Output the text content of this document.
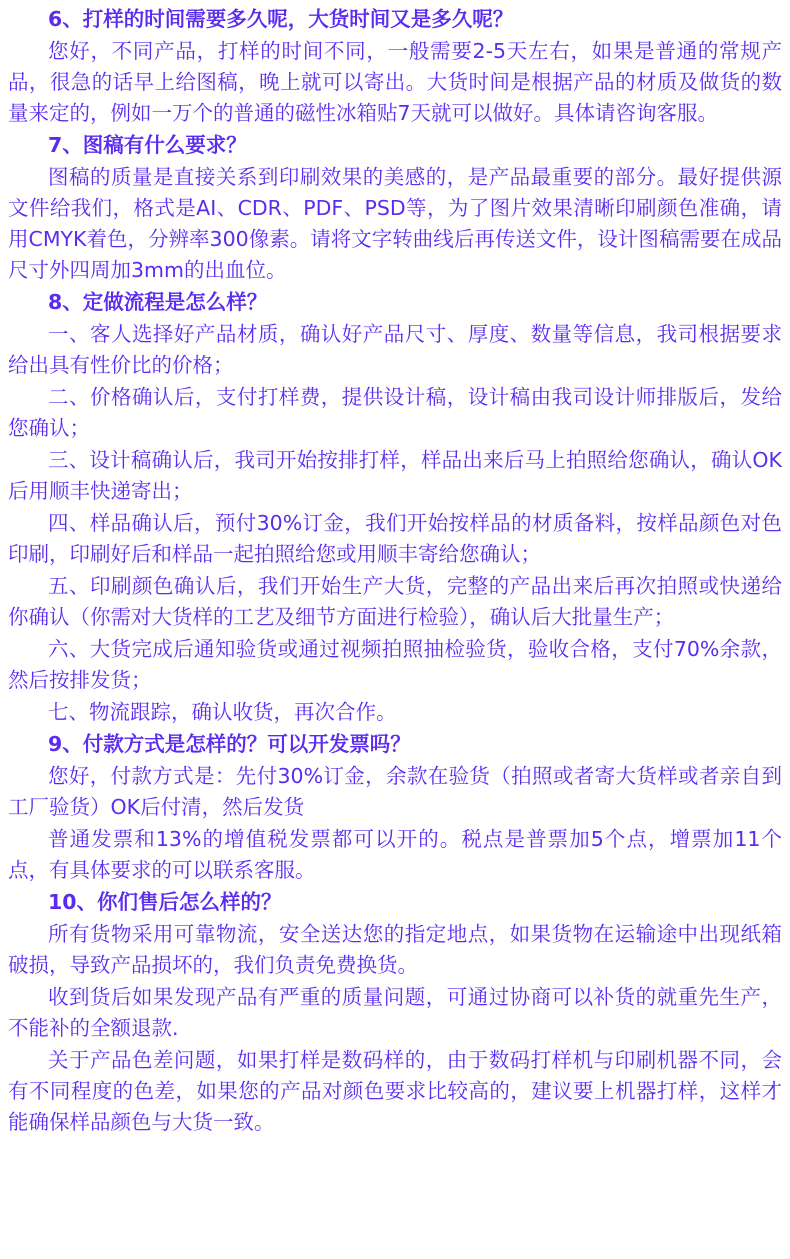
6、打样的时间需要多久呢，大货时间又是多久呢？

您好，不同产品，打样的时间不同，一般需要2-5天左右，如果是普通的常规产品，很急的话早上给图稿，晚上就可以寄出。大货时间是根据产品的材质及做货的数量来定的，例如一万个的普通的磁性冰箱贴7天就可以做好。具体请咨询客服。

7、图稿有什么要求？

图稿的质量是直接关系到印刷效果的美感的，是产品最重要的部分。最好提供源文件给我们，格式是AI、CDR、PDF、PSD等，为了图片效果清晰印刷颜色准确，请用CMYK着色，分辨率300像素。请将文字转曲线后再传送文件，设计图稿需要在成品尺寸外四周加3mm的出血位。

8、定做流程是怎么样？

一、客人选择好产品材质，确认好产品尺寸、厚度、数量等信息，我司根据要求给出具有性价比的价格；

二、价格确认后，支付打样费，提供设计稿，设计稿由我司设计师排版后，发给您确认；

三、设计稿确认后，我司开始按排打样，样品出来后马上拍照给您确认，确认OK后用顺丰快递寄出；

四、样品确认后，预付30%订金，我们开始按样品的材质备料，按样品颜色对色印刷，印刷好后和样品一起拍照给您或用顺丰寄给您确认；

五、印刷颜色确认后，我们开始生产大货，完整的产品出来后再次拍照或快递给你确认（你需对大货样的工艺及细节方面进行检验），确认后大批量生产；

六、大货完成后通知验货或通过视频拍照抽检验货，验收合格，支付70%余款，然后按排发货；

七、物流跟踪，确认收货，再次合作。

9、付款方式是怎样的？可以开发票吗？

您好，付款方式是：先付30%订金，余款在验货（拍照或者寄大货样或者亲自到工厂验货）OK后付清，然后发货

普通发票和13%的增值税发票都可以开的。税点是普票加5个点，增票加11个点，有具体要求的可以联系客服。

10、你们售后怎么样的？

所有货物采用可靠物流，安全送达您的指定地点，如果货物在运输途中出现纸箱破损，导致产品损坏的，我们负责免费换货。

收到货后如果发现产品有严重的质量问题，可通过协商可以补货的就重先生产，不能补的全额退款.

关于产品色差问题，如果打样是数码样的，由于数码打样机与印刷机器不同，会有不同程度的色差，如果您的产品对颜色要求比较高的，建议要上机器打样，这样才能确保样品颜色与大货一致。
